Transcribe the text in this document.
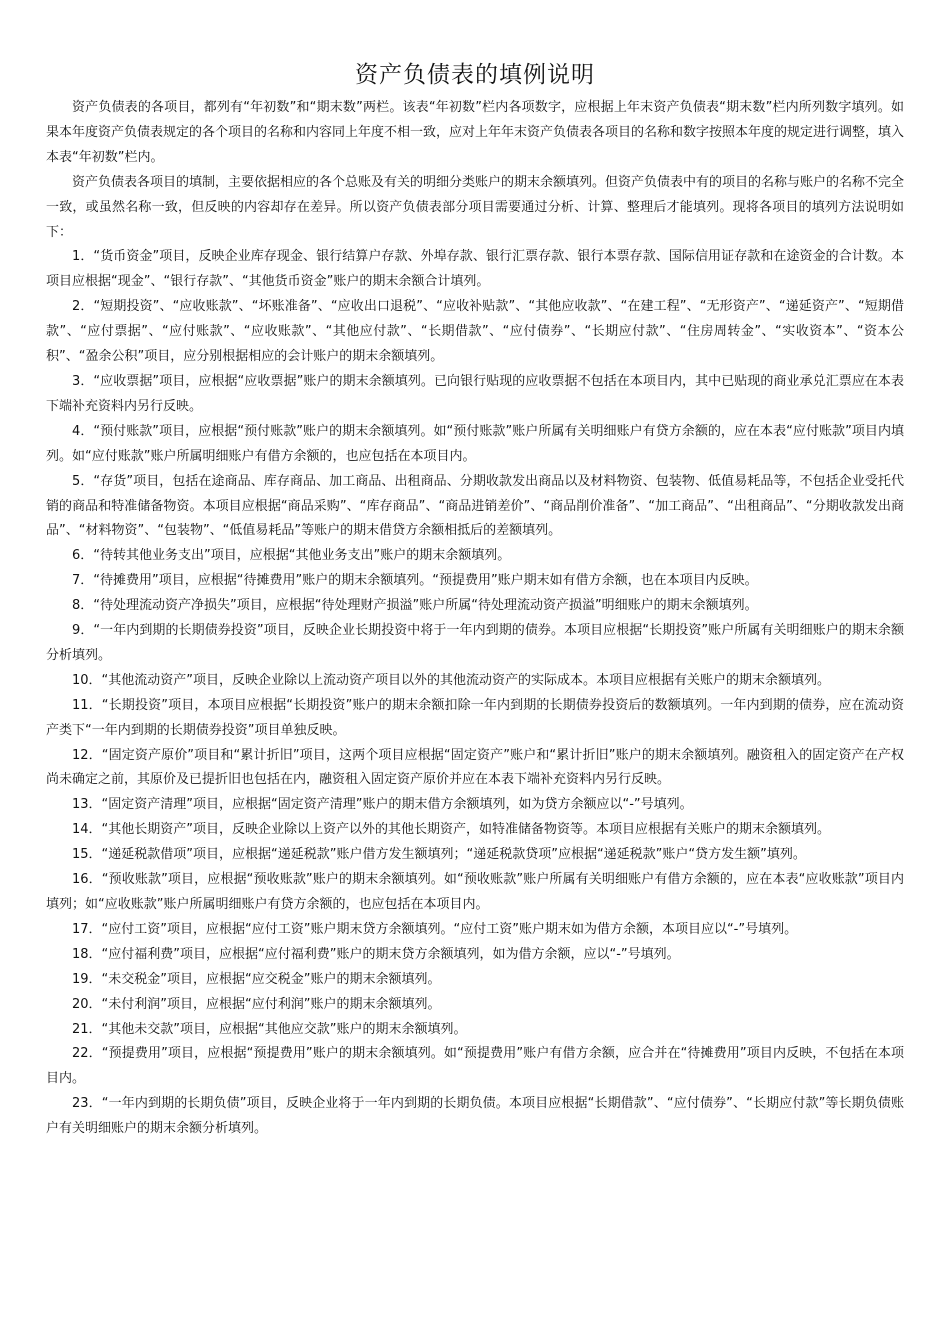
资产负债表的填例说明

资产负债表的各项目，都列有“年初数”和“期末数”两栏。该表“年初数”栏内各项数字，应根据上年末资产负债表“期末数”栏内所列数字填列。如果本年度资产负债表规定的各个项目的名称和内容同上年度不相一致，应对上年年末资产负债表各项目的名称和数字按照本年度的规定进行调整，填入本表“年初数”栏内。

资产负债表各项目的填制，主要依据相应的各个总账及有关的明细分类账户的期末余额填列。但资产负债表中有的项目的名称与账户的名称不完全一致，或虽然名称一致，但反映的内容却存在差异。所以资产负债表部分项目需要通过分析、计算、整理后才能填列。现将各项目的填列方法说明如下：

1．“货币资金”项目，反映企业库存现金、银行结算户存款、外埠存款、银行汇票存款、银行本票存款、国际信用证存款和在途资金的合计数。本项目应根据“现金”、“银行存款”、“其他货币资金”账户的期末余额合计填列。

2．“短期投资”、“应收账款”、“坏账准备”、“应收出口退税”、“应收补贴款”、“其他应收款”、“在建工程”、“无形资产”、“递延资产”、“短期借款”、“应付票据”、“应付账款”、“应收账款”、“其他应付款”、“长期借款”、“应付债券”、“长期应付款”、“住房周转金”、“实收资本”、“资本公积”、“盈余公积”项目，应分别根据相应的会计账户的期末余额填列。

3．“应收票据”项目，应根据“应收票据”账户的期末余额填列。已向银行贴现的应收票据不包括在本项目内，其中已贴现的商业承兑汇票应在本表下端补充资料内另行反映。

4．“预付账款”项目，应根据“预付账款”账户的期末余额填列。如“预付账款”账户所属有关明细账户有贷方余额的，应在本表“应付账款”项目内填列。如“应付账款”账户所属明细账户有借方余额的，也应包括在本项目内。

5．“存货”项目，包括在途商品、库存商品、加工商品、出租商品、分期收款发出商品以及材料物资、包装物、低值易耗品等，不包括企业受托代销的商品和特准储备物资。本项目应根据“商品采购”、“库存商品”、“商品进销差价”、“商品削价准备”、“加工商品”、“出租商品”、“分期收款发出商品”、“材料物资”、“包装物”、“低值易耗品”等账户的期末借贷方余额相抵后的差额填列。

6．“待转其他业务支出”项目，应根据“其他业务支出”账户的期末余额填列。

7．“待摊费用”项目，应根据“待摊费用”账户的期末余额填列。“预提费用”账户期末如有借方余额，也在本项目内反映。

8．“待处理流动资产净损失”项目，应根据“待处理财产损溢”账户所属“待处理流动资产损溢”明细账户的期末余额填列。

9．“一年内到期的长期债券投资”项目，反映企业长期投资中将于一年内到期的债券。本项目应根据“长期投资”账户所属有关明细账户的期末余额分析填列。

10．“其他流动资产”项目，反映企业除以上流动资产项目以外的其他流动资产的实际成本。本项目应根据有关账户的期末余额填列。

11．“长期投资”项目，本项目应根据“长期投资”账户的期末余额扣除一年内到期的长期债券投资后的数额填列。一年内到期的债券，应在流动资产类下“一年内到期的长期债券投资”项目单独反映。

12．“固定资产原价”项目和“累计折旧”项目，这两个项目应根据“固定资产”账户和“累计折旧”账户的期末余额填列。融资租入的固定资产在产权尚未确定之前，其原价及已提折旧也包括在内，融资租入固定资产原价并应在本表下端补充资料内另行反映。

13．“固定资产清理”项目，应根据“固定资产清理”账户的期末借方余额填列，如为贷方余额应以“-”号填列。

14．“其他长期资产”项目，反映企业除以上资产以外的其他长期资产，如特准储备物资等。本项目应根据有关账户的期末余额填列。

15．“递延税款借项”项目，应根据“递延税款”账户借方发生额填列；“递延税款贷项”应根据“递延税款”账户“贷方发生额”填列。

16．“预收账款”项目，应根据“预收账款”账户的期末余额填列。如“预收账款”账户所属有关明细账户有借方余额的，应在本表“应收账款”项目内填列；如“应收账款”账户所属明细账户有贷方余额的，也应包括在本项目内。

17．“应付工资”项目，应根据“应付工资”账户期末贷方余额填列。“应付工资”账户期末如为借方余额，本项目应以“-”号填列。

18．“应付福利费”项目，应根据“应付福利费”账户的期末贷方余额填列，如为借方余额，应以“-”号填列。

19．“未交税金”项目，应根据“应交税金”账户的期末余额填列。

20．“未付利润”项目，应根据“应付利润”账户的期末余额填列。

21．“其他未交款”项目，应根据“其他应交款”账户的期末余额填列。

22．“预提费用”项目，应根据“预提费用”账户的期末余额填列。如“预提费用”账户有借方余额，应合并在“待摊费用”项目内反映，不包括在本项目内。

23．“一年内到期的长期负债”项目，反映企业将于一年内到期的长期负债。本项目应根据“长期借款”、“应付债券”、“长期应付款”等长期负债账户有关明细账户的期末余额分析填列。
